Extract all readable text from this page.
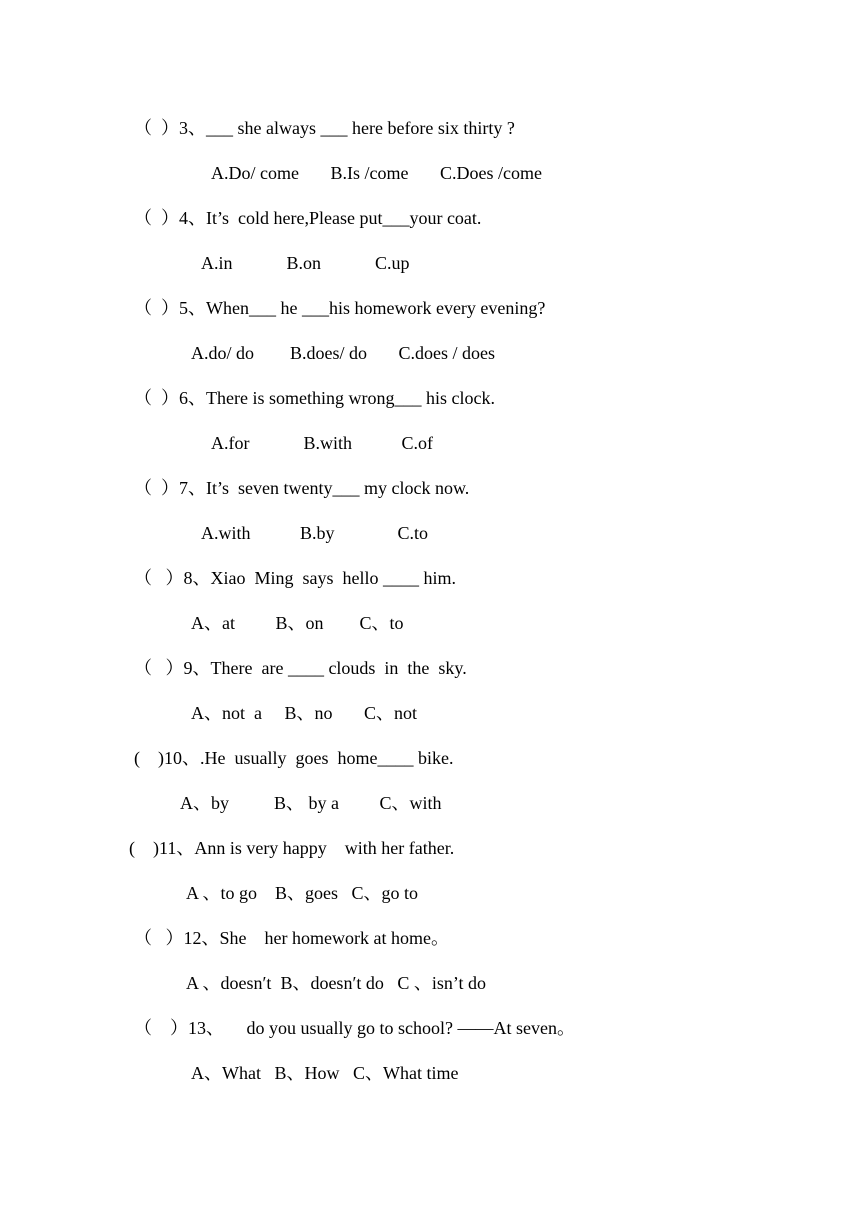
（  ）3、___ she always ___ here before six thirty ?
A.Do/ come       B.Is /come       C.Does /come
（  ）4、It’s  cold here,Please put___your coat.
A.in            B.on            C.up
（  ）5、When___ he ___his homework every evening?
A.do/ do        B.does/ do       C.does / does
（  ）6、There is something wrong___ his clock.
A.for            B.with           C.of
（  ）7、It’s  seven twenty___ my clock now.
A.with           B.by              C.to
（   ）8、Xiao  Ming  says  hello ____ him.
A、at         B、on        C、to
（   ）9、There  are ____ clouds  in  the  sky.
A、not  a     B、no       C、not
(    )10、.He  usually  goes  home____ bike.
A、by          B、 by a         C、with
(    )11、Ann is very happy    with her father.
A 、to go    B、goes   C、go to
（   ）12、She    her homework at home。
A 、doesn′t  B、doesn′t do   C 、isn’t do
（    ）13、     do you usually go to school? ——At seven。
A、What   B、How   C、What time
